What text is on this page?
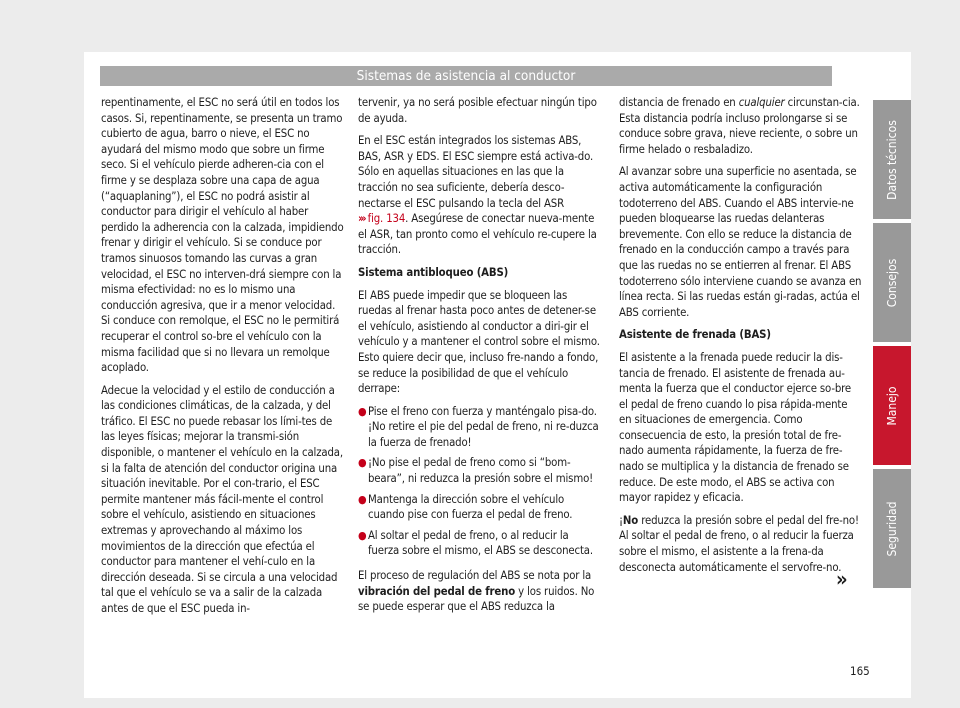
Sistemas de asistencia al conductor

repentinamente, el ESC no será útil en todos los casos. Si, repentinamente, se presenta un tramo cubierto de agua, barro o nieve, el ESC no ayudará del mismo modo que sobre un firme seco. Si el vehículo pierde adheren-cia con el firme y se desplaza sobre una capa de agua (“aquaplaning”), el ESC no podrá asistir al conductor para dirigir el vehículo al haber perdido la adherencia con la calzada, impidiendo frenar y dirigir el vehículo. Si se conduce por tramos sinuosos tomando las curvas a gran velocidad, el ESC no interven-drá siempre con la misma efectividad: no es lo mismo una conducción agresiva, que ir a menor velocidad. Si conduce con remolque, el ESC no le permitirá recuperar el control so-bre el vehículo con la misma facilidad que si no llevara un remolque acoplado.

Adecue la velocidad y el estilo de conducción a las condiciones climáticas, de la calzada, y del tráfico. El ESC no puede rebasar los lími-tes de las leyes físicas; mejorar la transmi-sión disponible, o mantener el vehículo en la calzada, si la falta de atención del conductor origina una situación inevitable. Por el con-trario, el ESC permite mantener más fácil-mente el control sobre el vehículo, asistiendo en situaciones extremas y aprovechando al máximo los movimientos de la dirección que efectúa el conductor para mantener el vehí-culo en la dirección deseada. Si se circula a una velocidad tal que el vehículo se va a salir de la calzada antes de que el ESC pueda in-

tervenir, ya no será posible efectuar ningún tipo de ayuda.

En el ESC están integrados los sistemas ABS, BAS, ASR y EDS. El ESC siempre está activa-do. Sólo en aquellas situaciones en las que la tracción no sea suficiente, debería desco-nectarse el ESC pulsando la tecla del ASR
››› fig. 134. Asegúrese de conectar nueva-mente el ASR, tan pronto como el vehículo re-cupere la tracción.

Sistema antibloqueo (ABS)

El ABS puede impedir que se bloqueen las ruedas al frenar hasta poco antes de detener-se el vehículo, asistiendo al conductor a diri-gir el vehículo y a mantener el control sobre el mismo. Esto quiere decir que, incluso fre-nando a fondo, se reduce la posibilidad de que el vehículo derrape:

● Pise el freno con fuerza y manténgalo pisa-do. ¡No retire el pie del pedal de freno, ni re-duzca la fuerza de frenado!
● ¡No pise el pedal de freno como si “bom-beara”, ni reduzca la presión sobre el mismo!
● Mantenga la dirección sobre el vehículo cuando pise con fuerza el pedal de freno.
● Al soltar el pedal de freno, o al reducir la fuerza sobre el mismo, el ABS se desconecta.

El proceso de regulación del ABS se nota por la vibración del pedal de freno y los ruidos. No se puede esperar que el ABS reduzca la

distancia de frenado en cualquier circunstan-cia. Esta distancia podría incluso prolongarse si se conduce sobre grava, nieve reciente, o sobre un firme helado o resbaladizo.

Al avanzar sobre una superficie no asentada, se activa automáticamente la configuración todoterreno del ABS. Cuando el ABS intervie-ne pueden bloquearse las ruedas delanteras brevemente. Con ello se reduce la distancia de frenado en la conducción campo a través para que las ruedas no se entierren al frenar. El ABS todoterreno sólo interviene cuando se avanza en línea recta. Si las ruedas están gi-radas, actúa el ABS corriente.

Asistente de frenada (BAS)

El asistente a la frenada puede reducir la dis-tancia de frenado. El asistente de frenada au-menta la fuerza que el conductor ejerce so-bre el pedal de freno cuando lo pisa rápida-mente en situaciones de emergencia. Como consecuencia de esto, la presión total de fre-nado aumenta rápidamente, la fuerza de fre-nado se multiplica y la distancia de frenado se reduce. De este modo, el ABS se activa con mayor rapidez y eficacia.

¡No reduzca la presión sobre el pedal del fre-no! Al soltar el pedal de freno, o al reducir la fuerza sobre el mismo, el asistente a la frena-da desconecta automáticamente el servofre-no.

Datos técnicos
Consejos
Manejo
Seguridad
»
165
